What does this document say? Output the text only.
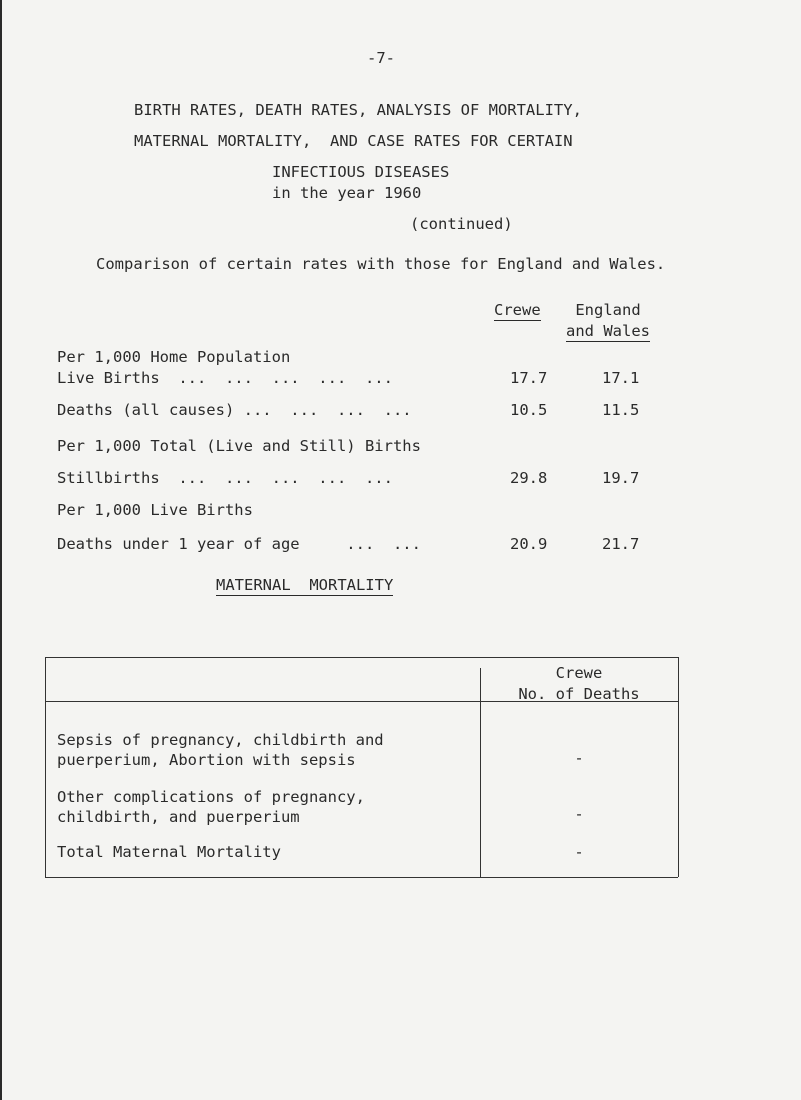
-7-
BIRTH RATES, DEATH RATES, ANALYSIS OF MORTALITY,
MATERNAL MORTALITY,  AND CASE RATES FOR CERTAIN
INFECTIOUS DISEASES
in the year 1960
(continued)
Comparison of certain rates with those for England and Wales.
Crewe	England
and Wales
Per 1,000 Home Population
Live Births  ...  ...  ...  ...  ...	17.7	17.1
Deaths (all causes) ...  ...  ...  ...	10.5	11.5
Per 1,000 Total (Live and Still) Births
Stillbirths  ...  ...  ...  ...  ...	29.8	19.7
Per 1,000 Live Births
Deaths under 1 year of age     ...  ...	20.9	21.7
MATERNAL  MORTALITY
Crewe
No. of Deaths
Sepsis of pregnancy, childbirth and
puerperium, Abortion with sepsis	-
Other complications of pregnancy,
childbirth, and puerperium	-
Total Maternal Mortality	-
